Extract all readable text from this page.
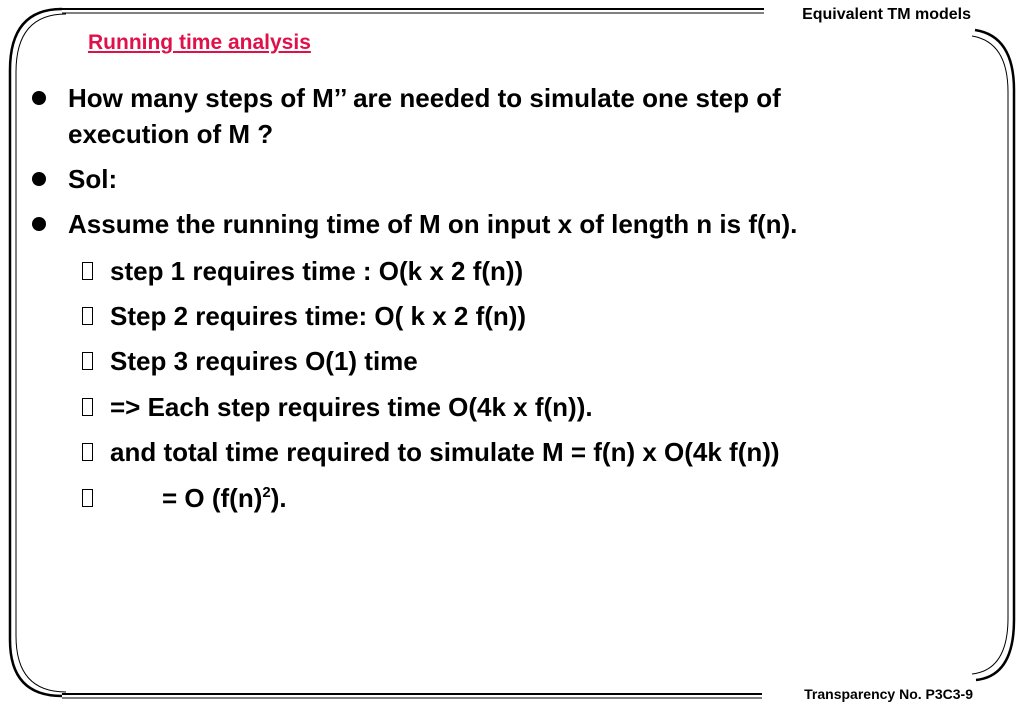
Equivalent TM models
Running time analysis
How many steps of M’’ are needed to simulate one step of
execution of M ?
Sol:
Assume the running time of M on input x of length n is f(n).
step 1 requires time : O(k x 2 f(n))
Step 2 requires time: O( k x 2 f(n))
Step 3 requires O(1) time
=> Each step requires time O(4k x f(n)).
and total time required to simulate M = f(n) x O(4k f(n))
= O $(f(n)^2)$.
Transparency No. P3C3-9
